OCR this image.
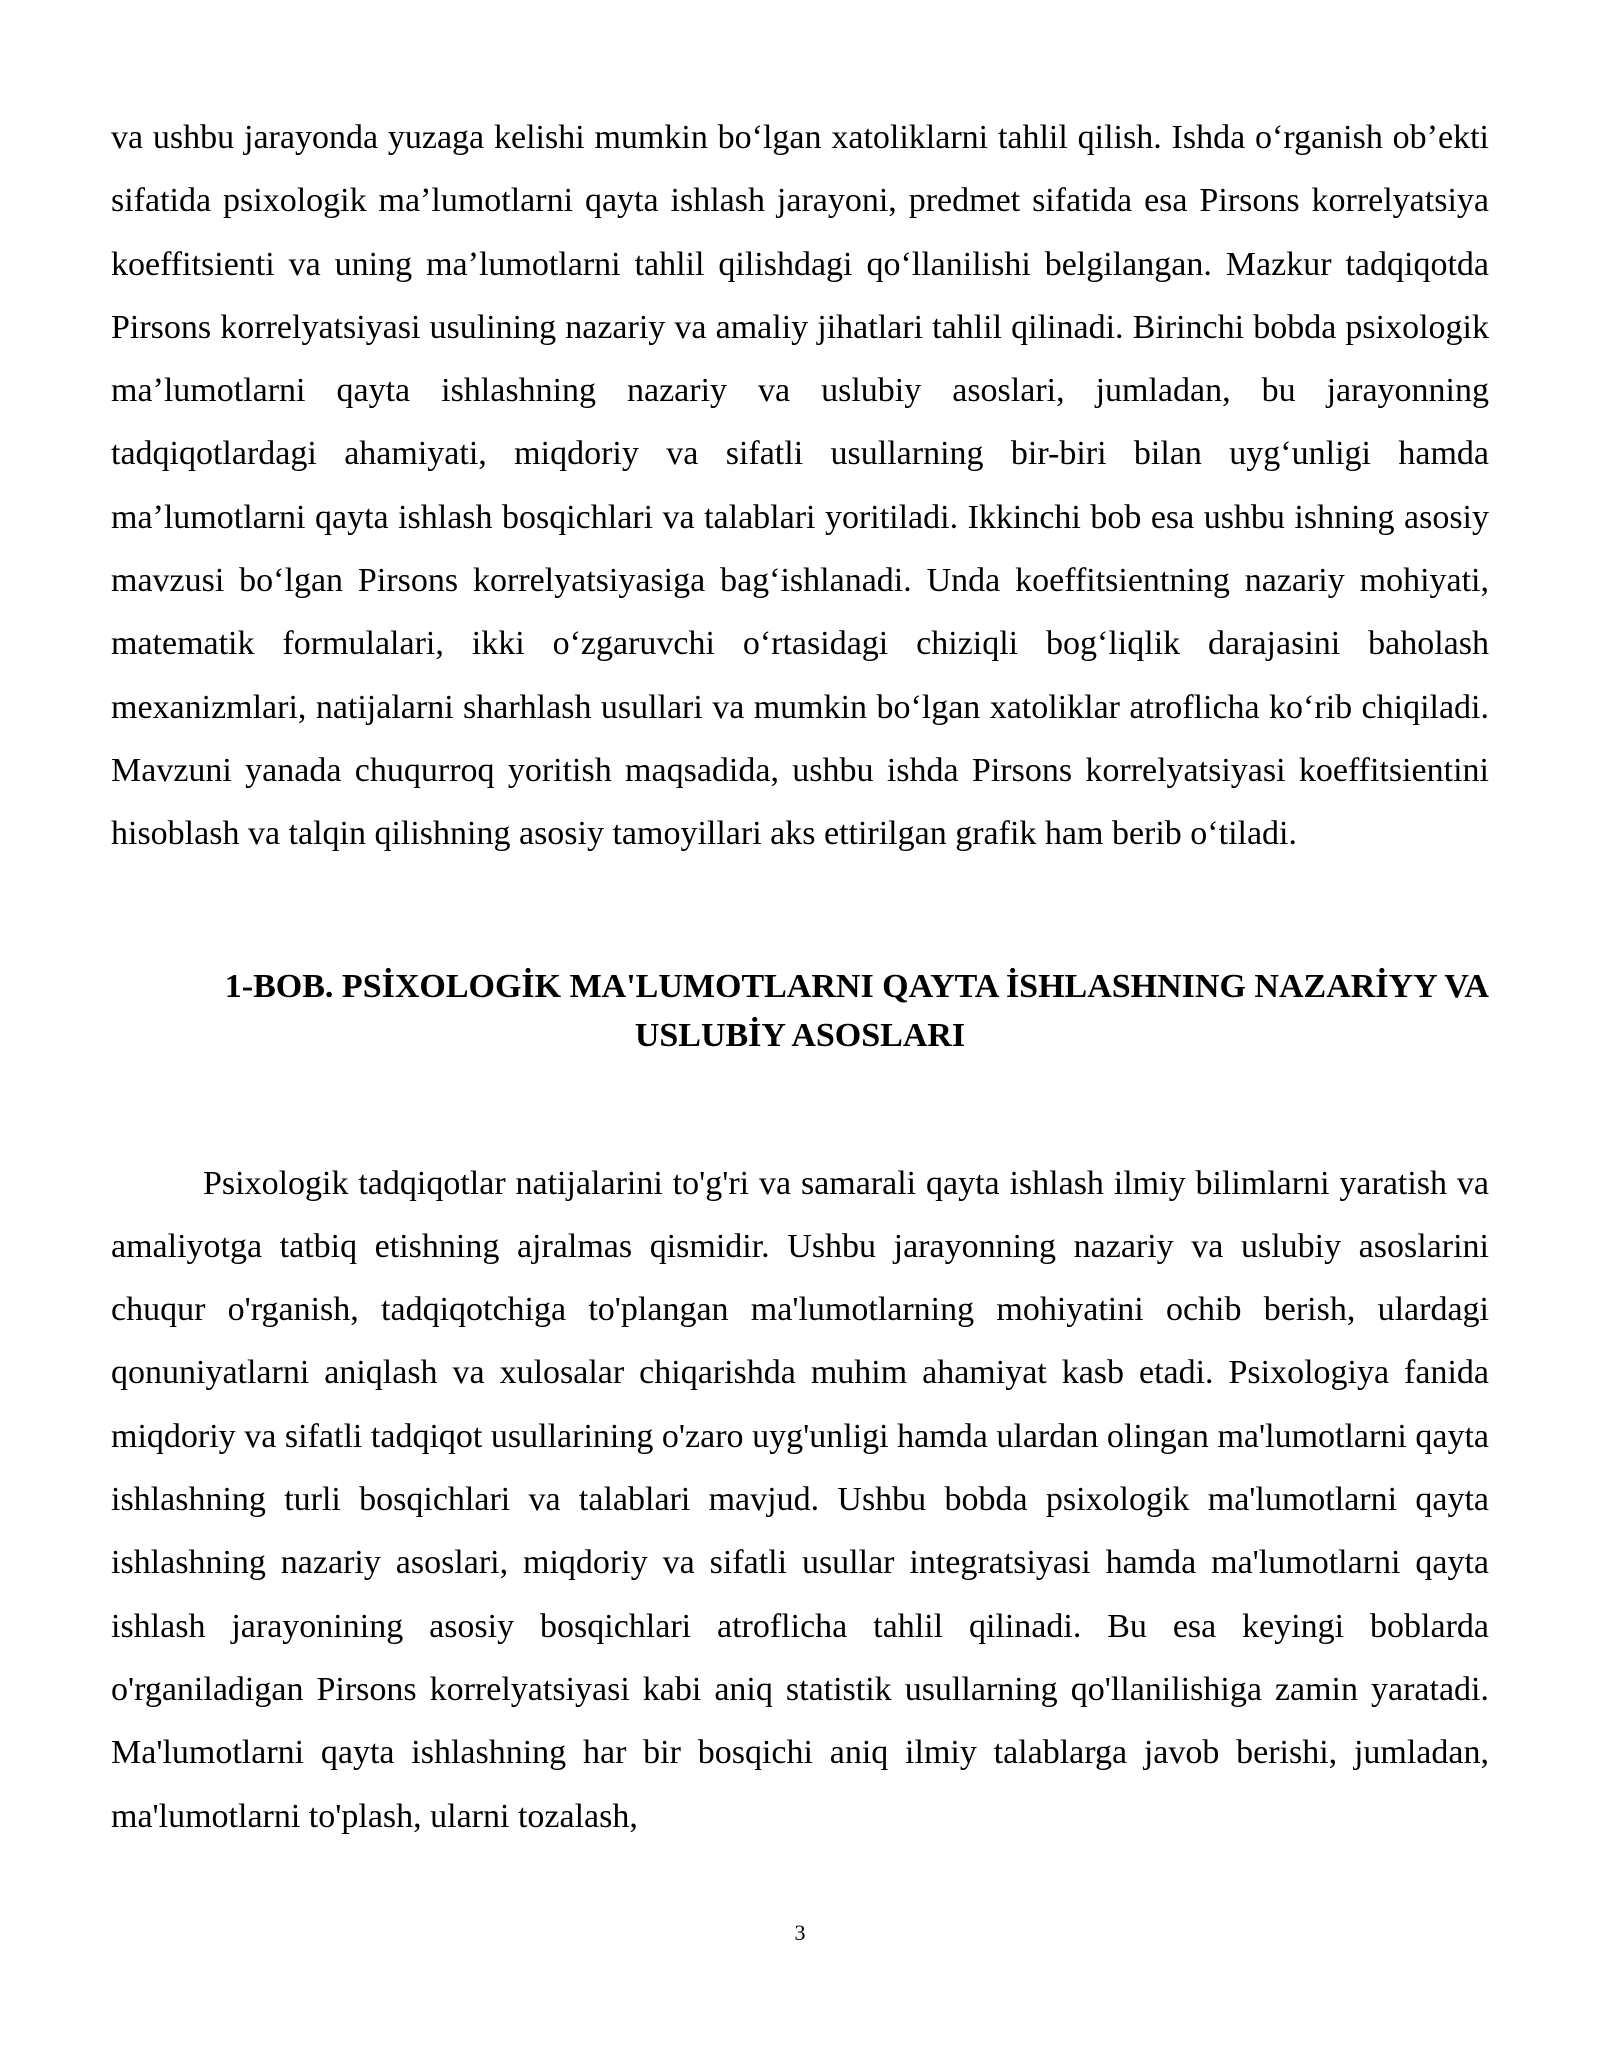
va ushbu jarayonda yuzaga kelishi mumkin boʻlgan xatoliklarni tahlil qilish. Ishda oʻrganish obʼekti sifatida psixologik maʼlumotlarni qayta ishlash jarayoni, predmet sifatida esa Pirsons korrelyatsiya koeffitsienti va uning maʼlumotlarni tahlil qilishdagi qoʻllanilishi belgilangan. Mazkur tadqiqotda Pirsons korrelyatsiyasi usulining nazariy va amaliy jihatlari tahlil qilinadi. Birinchi bobda psixologik maʼlumotlarni qayta ishlashning nazariy va uslubiy asoslari, jumladan, bu jarayonning tadqiqotlardagi ahamiyati, miqdoriy va sifatli usullarning bir-biri bilan uygʻunligi hamda maʼlumotlarni qayta ishlash bosqichlari va talablari yoritiladi. Ikkinchi bob esa ushbu ishning asosiy mavzusi boʻlgan Pirsons korrelyatsiyasiga bagʻishlanadi. Unda koeffitsientning nazariy mohiyati, matematik formulalari, ikki oʻzgaruvchi oʻrtasidagi chiziqli bogʻliqlik darajasini baholash mexanizmlari, natijalarni sharhlash usullari va mumkin boʻlgan xatoliklar atroflicha koʻrib chiqiladi. Mavzuni yanada chuqurroq yoritish maqsadida, ushbu ishda Pirsons korrelyatsiyasi koeffitsientini hisoblash va talqin qilishning asosiy tamoyillari aks ettirilgan grafik ham berib oʻtiladi.

1-BOB. PSİXOLOGİK MA'LUMOTLARNI QAYTA İSHLASHNING NAZARİYY VA
USLUBİY ASOSLARI

Psixologik tadqiqotlar natijalarini to'g'ri va samarali qayta ishlash ilmiy bilimlarni yaratish va amaliyotga tatbiq etishning ajralmas qismidir. Ushbu jarayonning nazariy va uslubiy asoslarini chuqur o'rganish, tadqiqotchiga to'plangan ma'lumotlarning mohiyatini ochib berish, ulardagi qonuniyatlarni aniqlash va xulosalar chiqarishda muhim ahamiyat kasb etadi. Psixologiya fanida miqdoriy va sifatli tadqiqot usullarining o'zaro uyg'unligi hamda ulardan olingan ma'lumotlarni qayta ishlashning turli bosqichlari va talablari mavjud. Ushbu bobda psixologik ma'lumotlarni qayta ishlashning nazariy asoslari, miqdoriy va sifatli usullar integratsiyasi hamda ma'lumotlarni qayta ishlash jarayonining asosiy bosqichlari atroflicha tahlil qilinadi. Bu esa keyingi boblarda o'rganiladigan Pirsons korrelyatsiyasi kabi aniq statistik usullarning qo'llanilishiga zamin yaratadi. Ma'lumotlarni qayta ishlashning har bir bosqichi aniq ilmiy talablarga javob berishi, jumladan, ma'lumotlarni to'plash, ularni tozalash,

3
